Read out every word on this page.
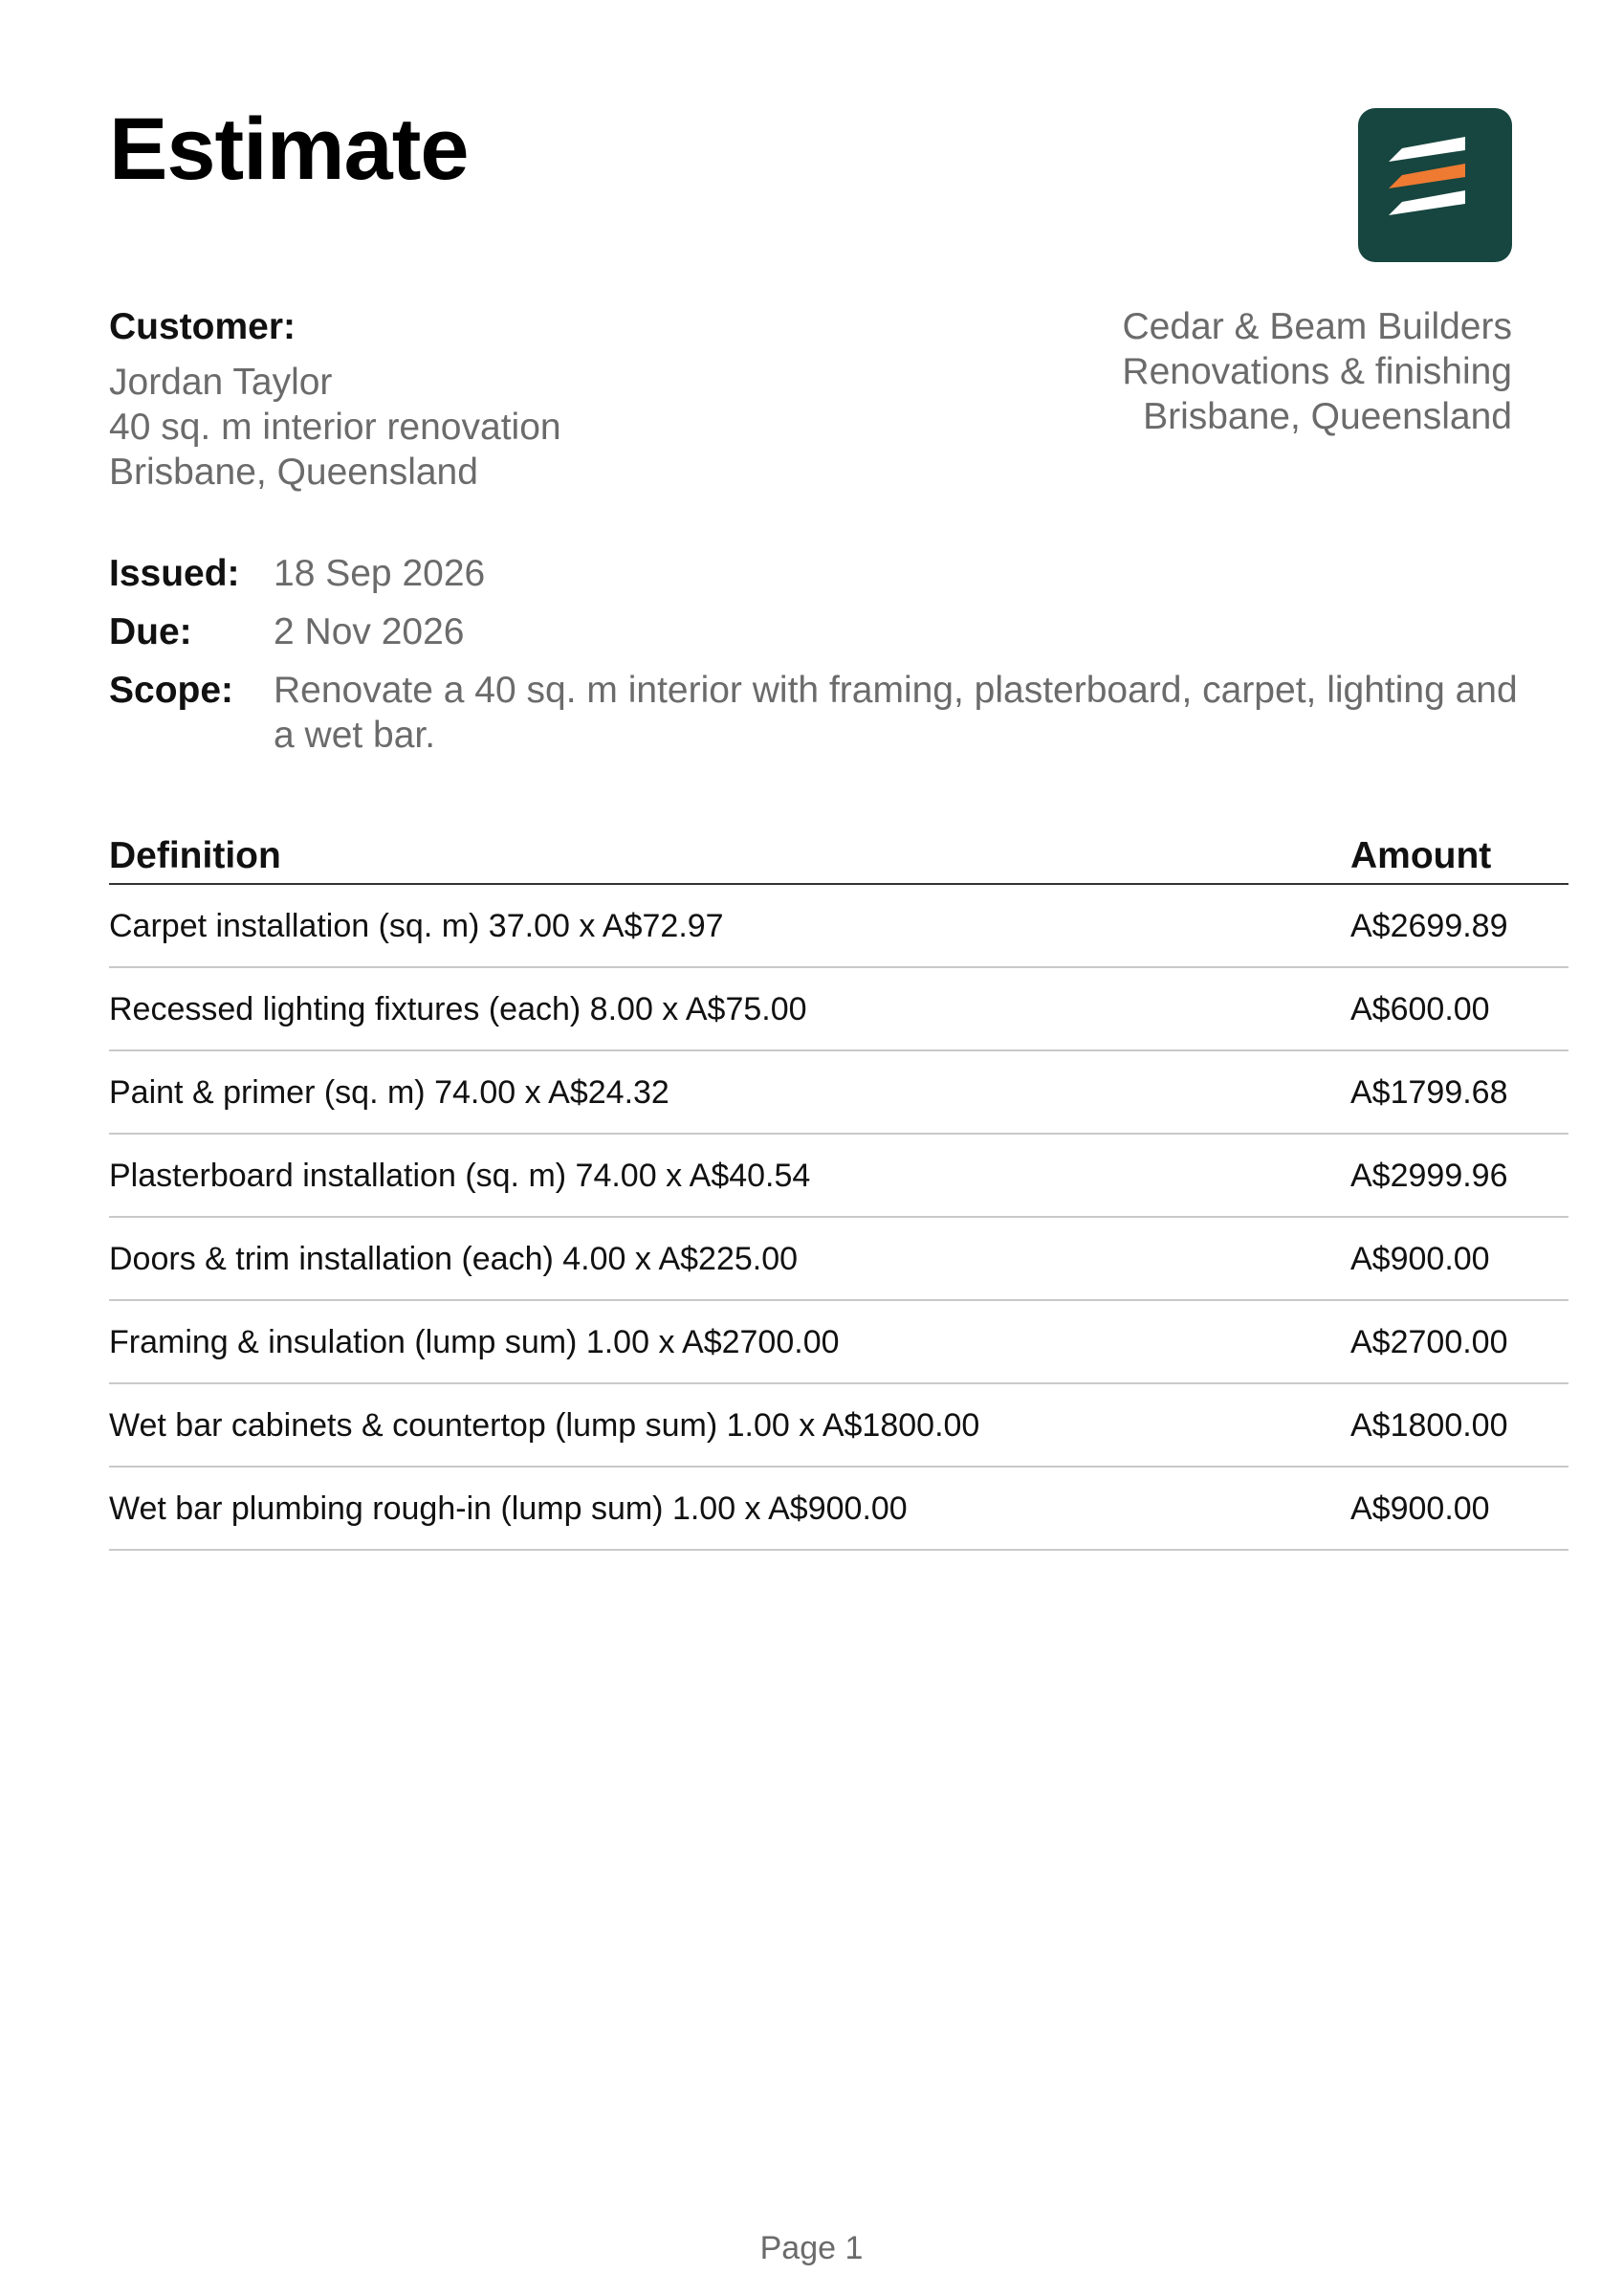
Estimate
Customer:
Jordan Taylor
40 sq. m interior renovation
Brisbane, Queensland
Cedar & Beam Builders
Renovations & finishing
Brisbane, Queensland
Issued: 18 Sep 2026
Due:	2 Nov 2026
Scope:	Renovate a 40 sq. m interior with framing, plasterboard, carpet, lighting and a wet bar.
Definition	Amount
Carpet installation (sq. m) 37.00 x A$72.97	A$2699.89
Recessed lighting fixtures (each) 8.00 x A$75.00	A$600.00
Paint & primer (sq. m) 74.00 x A$24.32	A$1799.68
Plasterboard installation (sq. m) 74.00 x A$40.54	A$2999.96
Doors & trim installation (each) 4.00 x A$225.00	A$900.00
Framing & insulation (lump sum) 1.00 x A$2700.00	A$2700.00
Wet bar cabinets & countertop (lump sum) 1.00 x A$1800.00	A$1800.00
Wet bar plumbing rough-in (lump sum) 1.00 x A$900.00	A$900.00
Page 1
